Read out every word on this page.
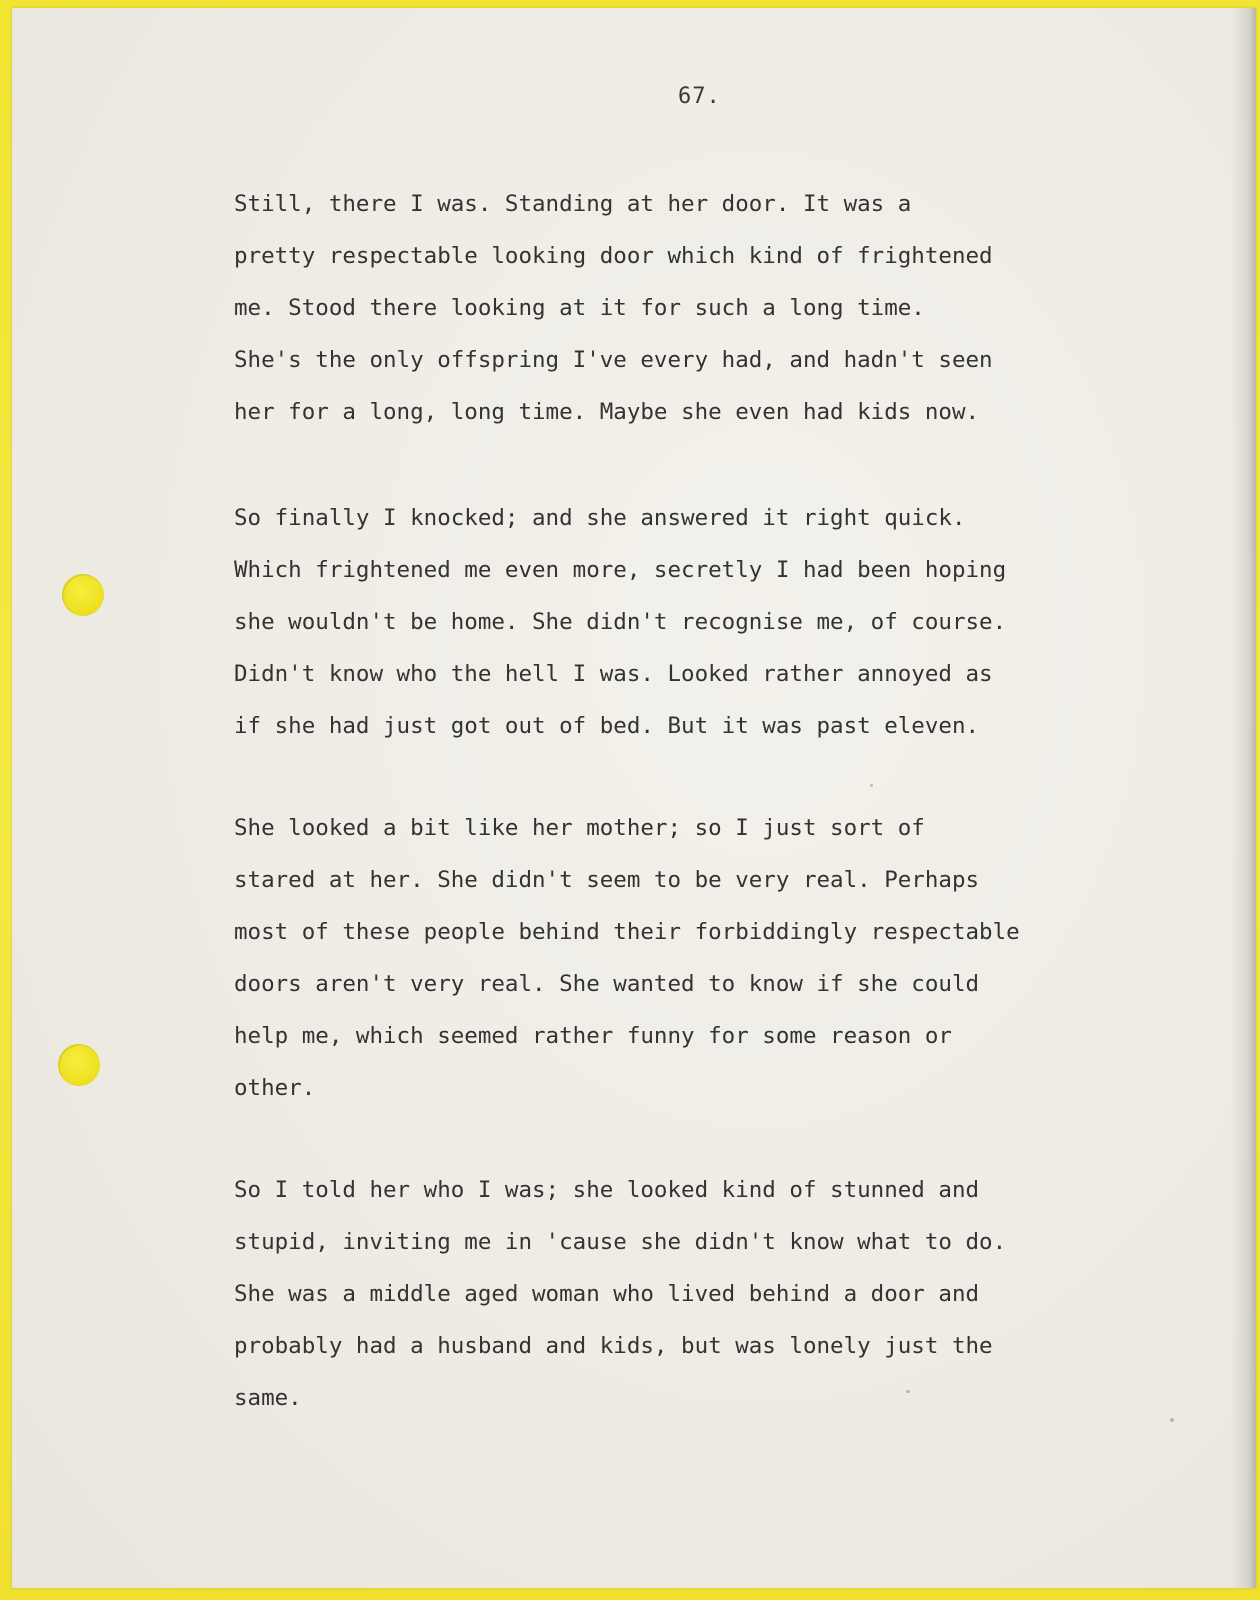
67.
Still, there I was. Standing at her door. It was a
pretty respectable looking door which kind of frightened
me. Stood there looking at it for such a long time.
She's the only offspring I've every had, and hadn't seen
her for a long, long time. Maybe she even had kids now.
So finally I knocked; and she answered it right quick.
Which frightened me even more, secretly I had been hoping
she wouldn't be home. She didn't recognise me, of course.
Didn't know who the hell I was. Looked rather annoyed as
if she had just got out of bed. But it was past eleven.
She looked a bit like her mother; so I just sort of
stared at her. She didn't seem to be very real. Perhaps
most of these people behind their forbiddingly respectable
doors aren't very real. She wanted to know if she could
help me, which seemed rather funny for some reason or
other.
So I told her who I was; she looked kind of stunned and
stupid, inviting me in 'cause she didn't know what to do.
She was a middle aged woman who lived behind a door and
probably had a husband and kids, but was lonely just the
same.
